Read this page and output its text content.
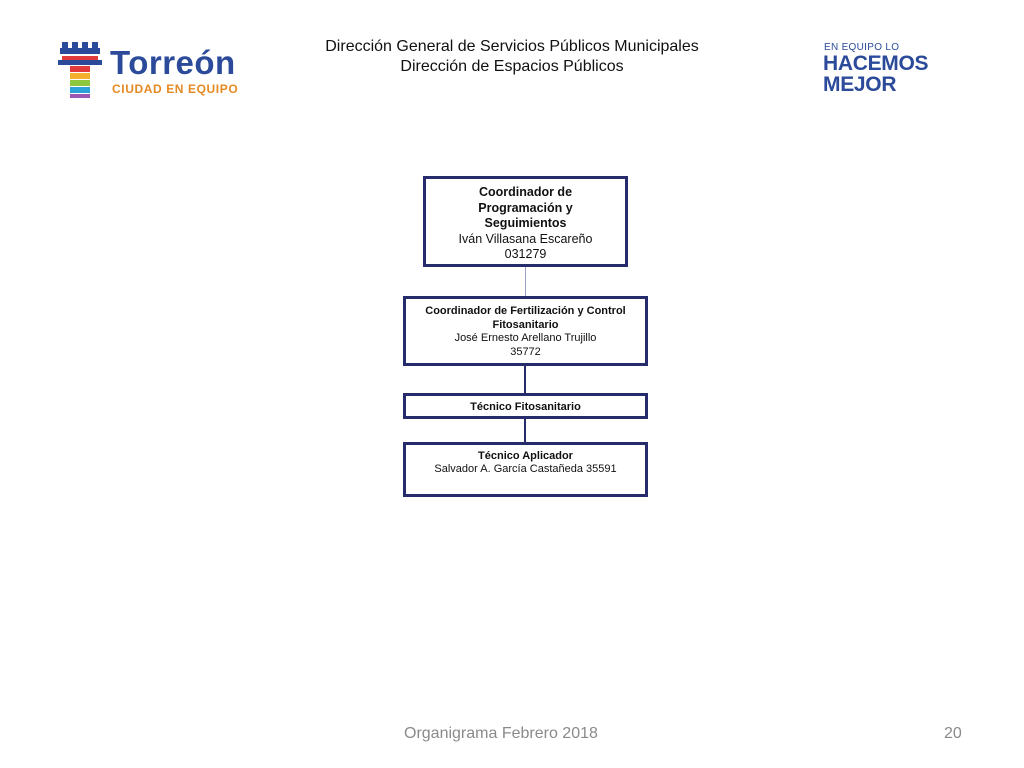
Dirección General de Servicios Públicos Municipales
Dirección de Espacios Públicos
Torreón
CIUDAD EN EQUIPO
EN EQUIPO LO
HACEMOS
MEJOR
Coordinador de Programación y Seguimientos
Iván Villasana Escareño
031279
Coordinador de Fertilización y Control Fitosanitario
José Ernesto Arellano Trujillo
35772
Técnico Fitosanitario
Técnico Aplicador
Salvador A. García Castañeda 35591
Organigrama Febrero 2018	20
